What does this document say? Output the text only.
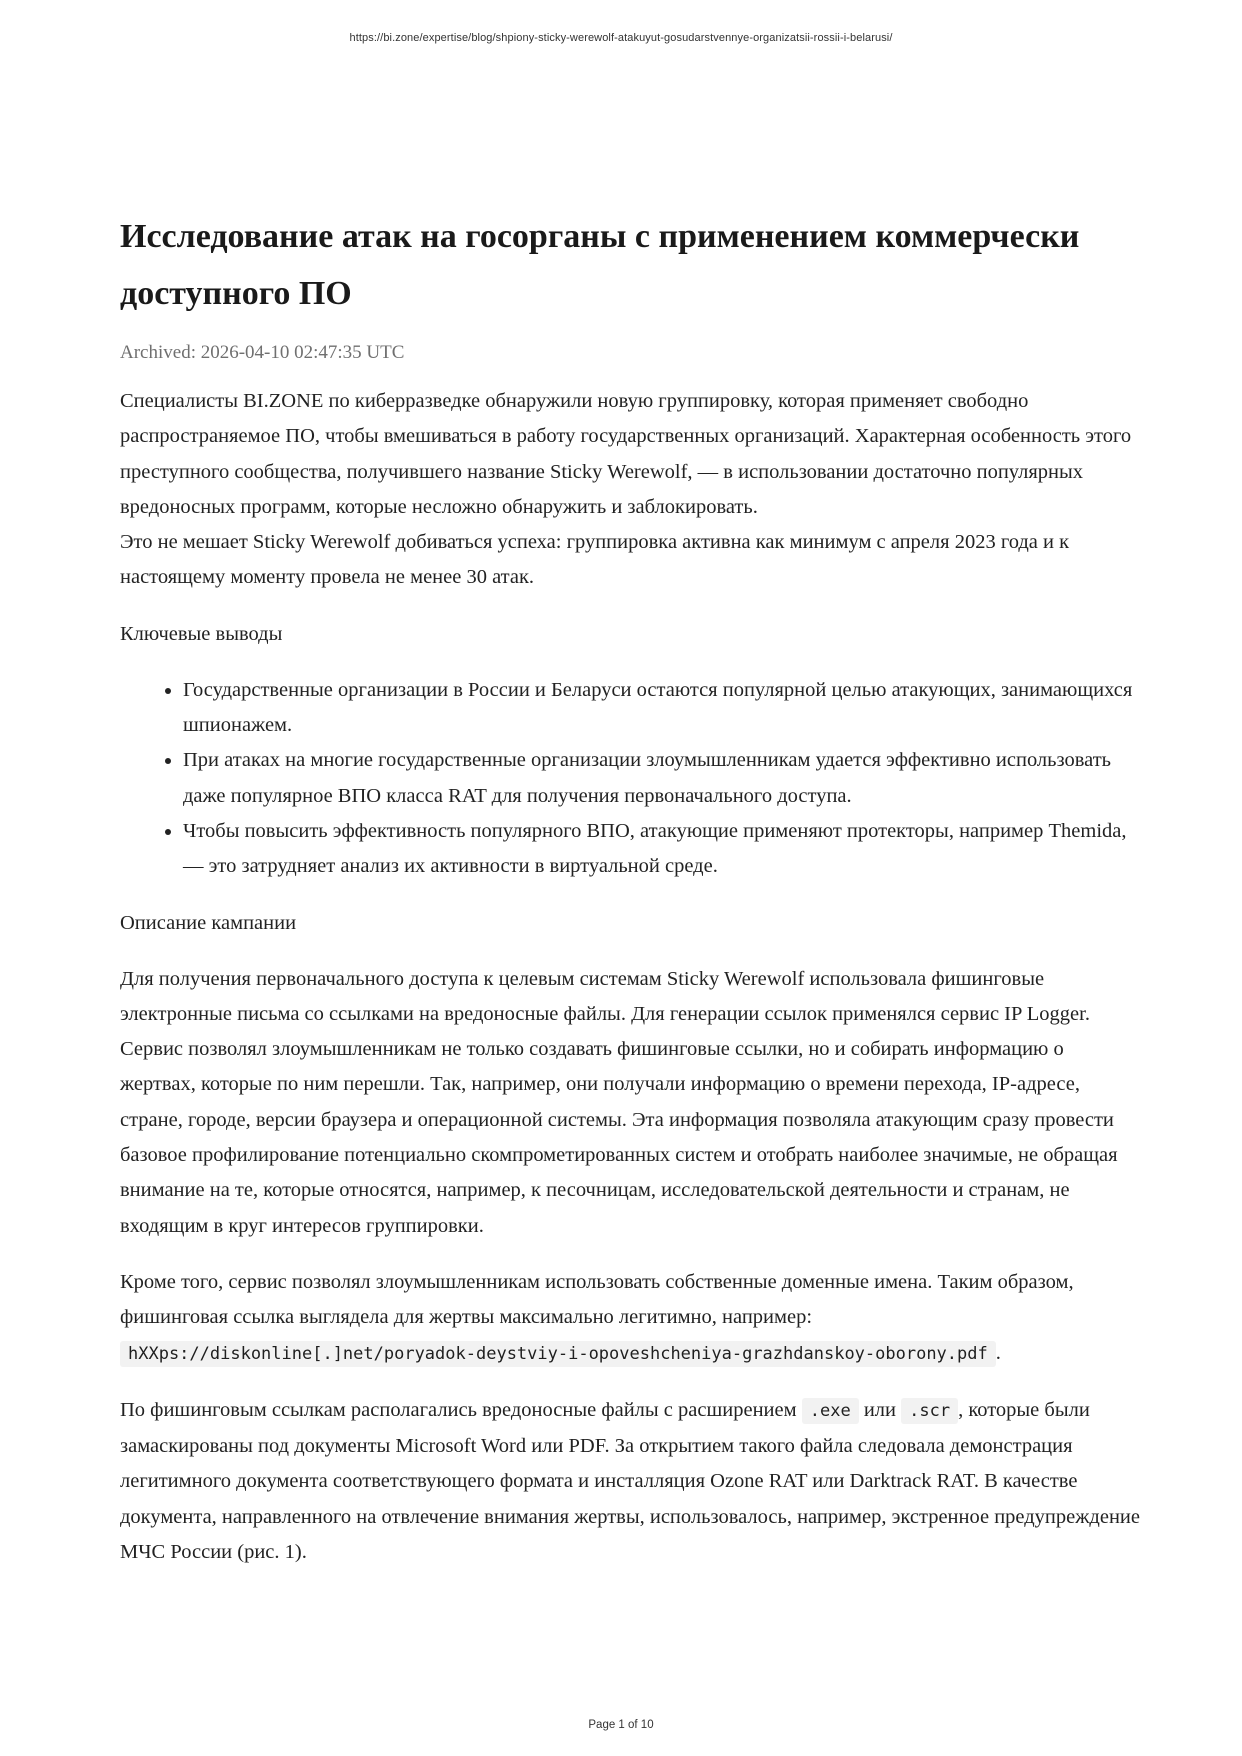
https://bi.zone/expertise/blog/shpiony-sticky-werewolf-atakuyut-gosudarstvennye-organizatsii-rossii-i-belarusi/
Исследование атак на госорганы с применением коммерчески доступного ПО
Archived: 2026-04-10 02:47:35 UTC

Специалисты BI.ZONE по киберразведке обнаружили новую группировку, которая применяет свободно распространяемое ПО, чтобы вмешиваться в работу государственных организаций. Характерная особенность этого преступного сообщества, получившего название Sticky Werewolf, — в использовании достаточно популярных вредоносных программ, которые несложно обнаружить и заблокировать.
Это не мешает Sticky Werewolf добиваться успеха: группировка активна как минимум с апреля 2023 года и к настоящему моменту провела не менее 30 атак.

Ключевые выводы
• Государственные организации в России и Беларуси остаются популярной целью атакующих, занимающихся шпионажем.
• При атаках на многие государственные организации злоумышленникам удается эффективно использовать даже популярное ВПО класса RAT для получения первоначального доступа.
• Чтобы повысить эффективность популярного ВПО, атакующие применяют протекторы, например Themida, — это затрудняет анализ их активности в виртуальной среде.
Описание кампании

Для получения первоначального доступа к целевым системам Sticky Werewolf использовала фишинговые электронные письма со ссылками на вредоносные файлы. Для генерации ссылок применялся сервис IP Logger. Сервис позволял злоумышленникам не только создавать фишинговые ссылки, но и собирать информацию о жертвах, которые по ним перешли. Так, например, они получали информацию о времени перехода, IP-адресе, стране, городе, версии браузера и операционной системы. Эта информация позволяла атакующим сразу провести базовое профилирование потенциально скомпрометированных систем и отобрать наиболее значимые, не обращая внимание на те, которые относятся, например, к песочницам, исследовательской деятельности и странам, не входящим в круг интересов группировки.

Кроме того, сервис позволял злоумышленникам использовать собственные доменные имена. Таким образом, фишинговая ссылка выглядела для жертвы максимально легитимно, например: hXXps://diskonline[.]net/poryadok-deystviy-i-opoveshcheniya-grazhdanskoy-oborony.pdf .

По фишинговым ссылкам располагались вредоносные файлы с расширением .exe или .scr , которые были замаскированы под документы Microsoft Word или PDF. За открытием такого файла следовала демонстрация легитимного документа соответствующего формата и инсталляция Ozone RAT или Darktrack RAT. В качестве документа, направленного на отвлечение внимания жертвы, использовалось, например, экстренное предупреждение МЧС России (рис. 1).

Page 1 of 10
